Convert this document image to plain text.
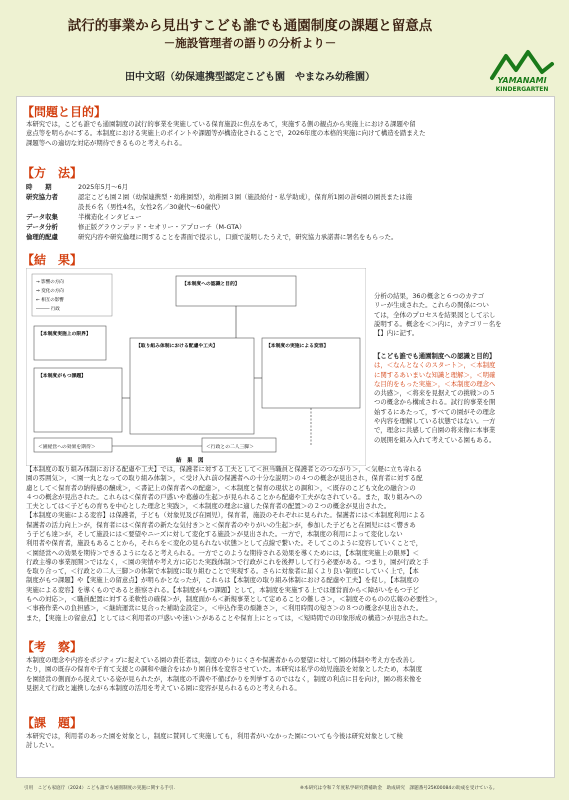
試行的事業から見出すこども誰でも通園制度の課題と留意点
－施設管理者の語りの分析より－
田中文昭（幼保連携型認定こども園　やまなみ幼稚園）	YAMANAMI
KINDERGARTEN
【問題と目的】
本研究では，こども誰でも通園制度の試行的事業を実施している保育施設に焦点をあて，実施する側の観点から実施上における課題や留
意点等を明らかにする。本制度における実施上のポイントや課題等が構造化されることで，2026年度の本格的実施に向けて構造を踏まえた
課題等への適切な対応が期待できるものと考えられる。
【方　法】
時　　期	2025年5月～6月
研究協力者	認定こども園２園（幼保連携型・幼稚園型），幼稚園３園（施設給付・私学助成），保育所1園の計6園の園長または施
設長６名（男性4名，女性2名／30歳代～60歳代）
データ収集	半構造化インタビュー
データ分析	修正版グラウンデッド・セオリー・アプローチ（M-GTA）
倫理的配慮	研究内容や研究倫理に関することを書面で提示し，口頭で説明したうえで，研究協力承諾書に署名をもらった。
【結　果】
→ 影響の方向
⇒ 変化の方向
← 相互の影響
――― 行政
【本制度への認識と目的】
【本制度実施上の限界】
【本制度がもつ課題】
【取り組み体制における配慮や工夫】	【本制度の実施による変容】
＜園経営への効果を期待＞	＜行政との二人三脚＞
結　果　図
分析の結果，36の概念と６つのカテゴ
リーが生成された。これらの関係につい
ては，全体のプロセスを結果図として示し
説明する。概念を＜＞内に，カテゴリ－名を
【】内に記す。
【こども誰でも通園制度への認識と目的】
は，＜なんとなくのスタート＞，＜本制度
に関するあいまいな知識と理解＞，＜明確
な目的をもった実施＞，＜本制度の理念へ
の共感＞，＜将来を見据えての挑戦＞の５
つの概念から構成される。試行的事業を開
始するにあたって，すべての園がその理念
や内容を理解している状態ではない。一方
で，理念に共感して自園の将来像に本事業
の展開を組み入れて考えている園もある。
【本制度の取り組み体制における配慮や工夫】では，保護者に対する工夫として＜担当職員と保護者とのつながり＞，＜気軽に立ち寄れる
園の雰囲気＞，＜園一丸となっての取り組み体制＞，＜受け入れ前の保護者への十分な説明＞の４つの概念が見出され，保育者に対する配
慮として＜保育者の納得感の醸成＞，＜書記上の保育者への配慮＞，＜本制度と保育の現状との調和＞，＜既存のこども文化の融合＞の
４つの概念が見出された。これらは＜保育者の戸惑いや葛藤の生起＞が見られることから配慮や工夫がなされている。また，取り組みへの
工夫としては＜子どもの育ちを中心とした理念と実践＞，＜本制度の理念に適した保育者の配置＞の２つの概念が見出された。
【本制度の実施による変容】は保護者，子ども（対象児及び在園児），保育者，施設のそれぞれに見られた。保護者には＜本制度利用による
保護者の活力向上＞が，保育者には＜保育者の新たな気付き＞と＜保育者のやりがいの生起＞が，参加した子どもと在園児には＜響きあ
う子ども達＞が，そして施設には＜要望やニーズに対して変化する施設＞が見出された。一方で，本制度の利用によって変化しない
利用者や保育者，施設もあることから，それらを＜変化の見られない状態＞として点線で繋いた。そしてこのように変容していくことで，
＜園経営への効果を期待＞できるようになると考えられる。一方でこのような期待される効果を導くためには，【本制度実施上の限界】＜
行政主導の事業展開＞ではなく，＜園の実情や考え方に応じた実践体制＞で行政がこれを後押しして行う必要がある。つまり，園が行政と手
を取り合って，＜行政との二人三脚＞の体制で本制度に取り組むことで実現する。さらに対象者に届くより良い制度にしていく上で，【本
制度がもつ課題】や【実施上の留意点】が明らかとなったが，これらは【本制度の取り組み体制における配慮や工夫】を促し，【本制度の
実施による変容】を導くものであると推察される。【本制度がもつ課題】として，本制度を実施する上では運営面から＜障がいをもつ子ど
もへの対応＞，＜職員配置に対する柔軟性の確保＞が，制度面から＜新規事業として定めることの難しさ＞，＜制度そのものの広報の必要性＞，
＜事務作業への負担感＞，＜継続運営に見合った補助金設定＞，＜申込作業の煩雑さ＞，＜利用時間の短さ＞の８つの概念が見出された。
また，【実施上の留意点】としては＜利用者の戸惑いや迷い＞があることや保育上にとっては，＜短時間での印象形成の構造＞が見出された。
【考　察】
本制度の理念や内容をポジティブに捉えている園の責任者は，制度のやりにくさや保護者からの要望に対して園の体制や考え方を改善し
たり，園の既存の保育や子育て支援との調和や融合をはかり園自体を変容させていた。本研究は私学の幼児施設を対象としたため，本制度
を園経営の側面から捉えている姿が見られたが，本制度の不満や不備ばかりを列挙するのではなく，制度の利点に目を向け，園の将来像を
見据えて行政と連携しながら本制度の活用を考えている園に変容が見られるものと考えられる。
【課　題】
本研究では，利用者のあった園を対象とし，制度に賛同して実施しても，利用者がいなかった園についても今後は研究対象として検
討したい。
引用　こども家庭庁（2024）こども誰でも通園制度の実施に関する手引.	※本研究は令和７年度私学研究費補助金　助成研究　課題番号25K00084の助成を受けている。
